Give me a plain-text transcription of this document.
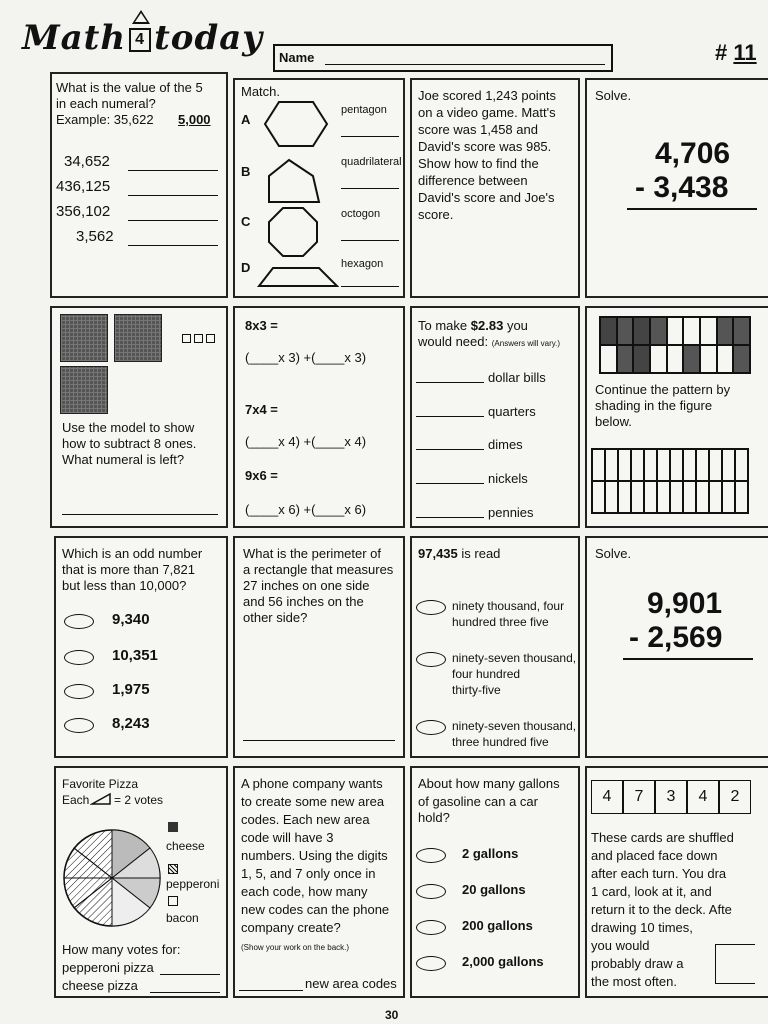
Math 4 today Name	# 11
What is the value of the 5
in each numeral?
Example: 35,622 5,000
34,652
436,125
356,102
3,562
Match.
A
pentagon
B
quadrilateral
C	octogon
D	hexagon
Joe scored 1,243 points
on a video game. Matt's
score was 1,458 and
David's score was 985.
Show how to find the
difference between
David's score and Joe's
score.
Solve.
4,706
- 3,438
Use the model to show
how to subtract 8 ones.
What numeral is left?
8x3 =
(____x 3) +(____x 3)
7x4 =
(____x 4) +(____x 4)
9x6 =
(____x 6) +(____x 6)
To make $2.83 you
would need: (Answers will vary.)
dollar bills
quarters
dimes
nickels
pennies
Continue the pattern by
shading in the figure
below.
Which is an odd number
that is more than 7,821
but less than 10,000?
9,340
10,351
1,975
8,243
What is the perimeter of
a rectangle that measures
27 inches on one side
and 56 inches on the
other side?
97,435 is read
ninety thousand, four
hundred three five
ninety-seven thousand,
four hundred
thirty-five
ninety-seven thousand,
three hundred five
Solve.
9,901
- 2,569
Favorite Pizza
Each = 2 votes
cheese
pepperoni
bacon
How many votes for:
pepperoni pizza
cheese pizza
A phone company wants
to create some new area
codes. Each new area
code will have 3
numbers. Using the digits
1, 5, and 7 only once in
each code, how many
new codes can the phone
company create?
(Show your work on the back.)
new area codes
About how many gallons
of gasoline can a car
hold?
2 gallons
20 gallons
200 gallons
2,000 gallons
4	7	3	4	2
These cards are shuffled
and placed face down
after each turn. You dra
1 card, look at it, and
return it to the deck. Afte
drawing 10 times,
you would
probably draw a
the most often.
30
